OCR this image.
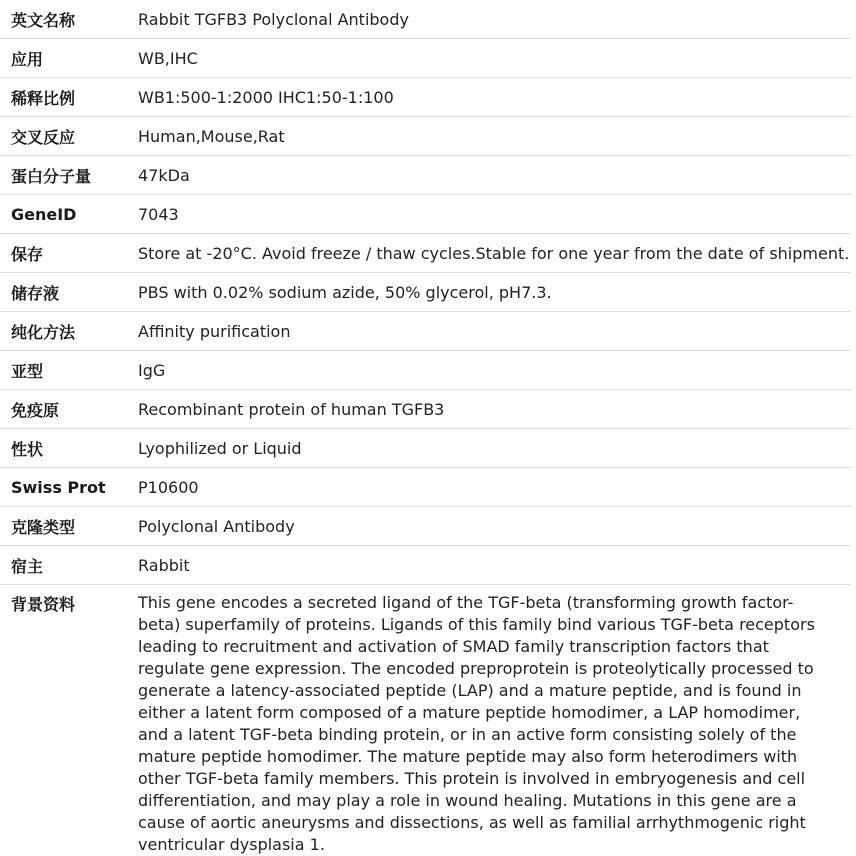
英文名称	Rabbit TGFB3 Polyclonal Antibody
应用	WB,IHC
稀释比例	WB1:500-1:2000 IHC1:50-1:100
交叉反应	Human,Mouse,Rat
蛋白分子量	47kDa
GeneID	7043
保存	Store at -20°C. Avoid freeze / thaw cycles.Stable for one year from the date of shipment.
储存液	PBS with 0.02% sodium azide, 50% glycerol, pH7.3.
纯化方法	Affinity purification
亚型	IgG
免疫原	Recombinant protein of human TGFB3
性状	Lyophilized or Liquid
Swiss Prot	P10600
克隆类型	Polyclonal Antibody
宿主	Rabbit
背景资料	This gene encodes a secreted ligand of the TGF-beta (transforming growth factor-beta) superfamily of proteins. Ligands of this family bind various TGF-beta receptors leading to recruitment and activation of SMAD family transcription factors that regulate gene expression. The encoded preproprotein is proteolytically processed to generate a latency-associated peptide (LAP) and a mature peptide, and is found in either a latent form composed of a mature peptide homodimer, a LAP homodimer, and a latent TGF-beta binding protein, or in an active form consisting solely of the mature peptide homodimer. The mature peptide may also form heterodimers with other TGF-beta family members. This protein is involved in embryogenesis and cell differentiation, and may play a role in wound healing. Mutations in this gene are a cause of aortic aneurysms and dissections, as well as familial arrhythmogenic right ventricular dysplasia 1.
